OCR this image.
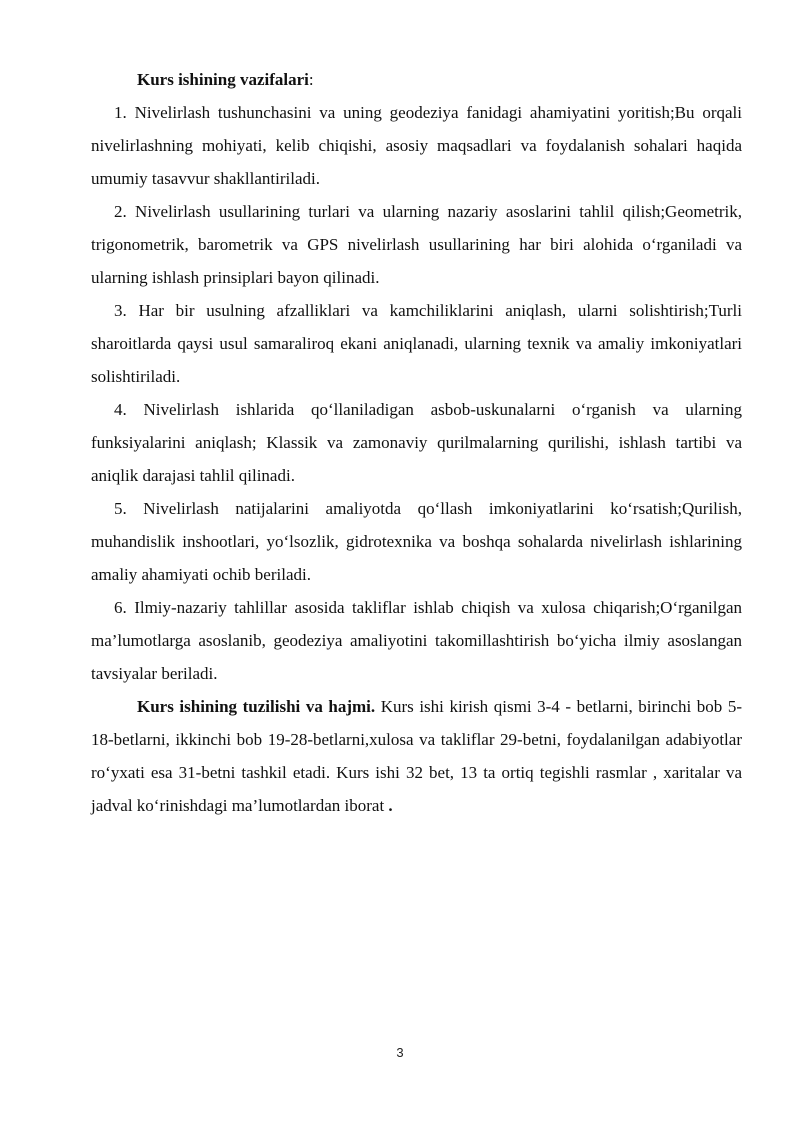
Kurs ishining vazifalari:

1. Nivelirlash tushunchasini va uning geodeziya fanidagi ahamiyatini yoritish;Bu orqali nivelirlashning mohiyati, kelib chiqishi, asosiy maqsadlari va foydalanish sohalari haqida umumiy tasavvur shakllantiriladi.

2. Nivelirlash usullarining turlari va ularning nazariy asoslarini tahlil qilish;Geometrik, trigonometrik, barometrik va GPS nivelirlash usullarining har biri alohida o‘rganiladi va ularning ishlash prinsiplari bayon qilinadi.

3. Har bir usulning afzalliklari va kamchiliklarini aniqlash, ularni solishtirish;Turli sharoitlarda qaysi usul samaraliroq ekani aniqlanadi, ularning texnik va amaliy imkoniyatlari solishtiriladi.

4. Nivelirlash ishlarida qo‘llaniladigan asbob-uskunalarni o‘rganish va ularning funksiyalarini aniqlash; Klassik va zamonaviy qurilmalarning qurilishi, ishlash tartibi va aniqlik darajasi tahlil qilinadi.

5. Nivelirlash natijalarini amaliyotda qo‘llash imkoniyatlarini ko‘rsatish;Qurilish, muhandislik inshootlari, yo‘lsozlik, gidrotexnika va boshqa sohalarda nivelirlash ishlarining amaliy ahamiyati ochib beriladi.

6. Ilmiy-nazariy tahlillar asosida takliflar ishlab chiqish va xulosa chiqarish;O‘rganilgan ma’lumotlarga asoslanib, geodeziya amaliyotini takomillashtirish bo‘yicha ilmiy asoslangan tavsiyalar beriladi.

Kurs ishining tuzilishi va hajmi. Kurs ishi kirish qismi 3-4 - betlarni, birinchi bob 5-18-betlarni, ikkinchi bob 19-28-betlarni,xulosa va takliflar 29-betni, foydalanilgan adabiyotlar ro‘yxati esa 31-betni tashkil etadi. Kurs ishi 32 bet, 13 ta ortiq tegishli rasmlar , xaritalar va jadval ko‘rinishdagi ma’lumotlardan iborat .

3
